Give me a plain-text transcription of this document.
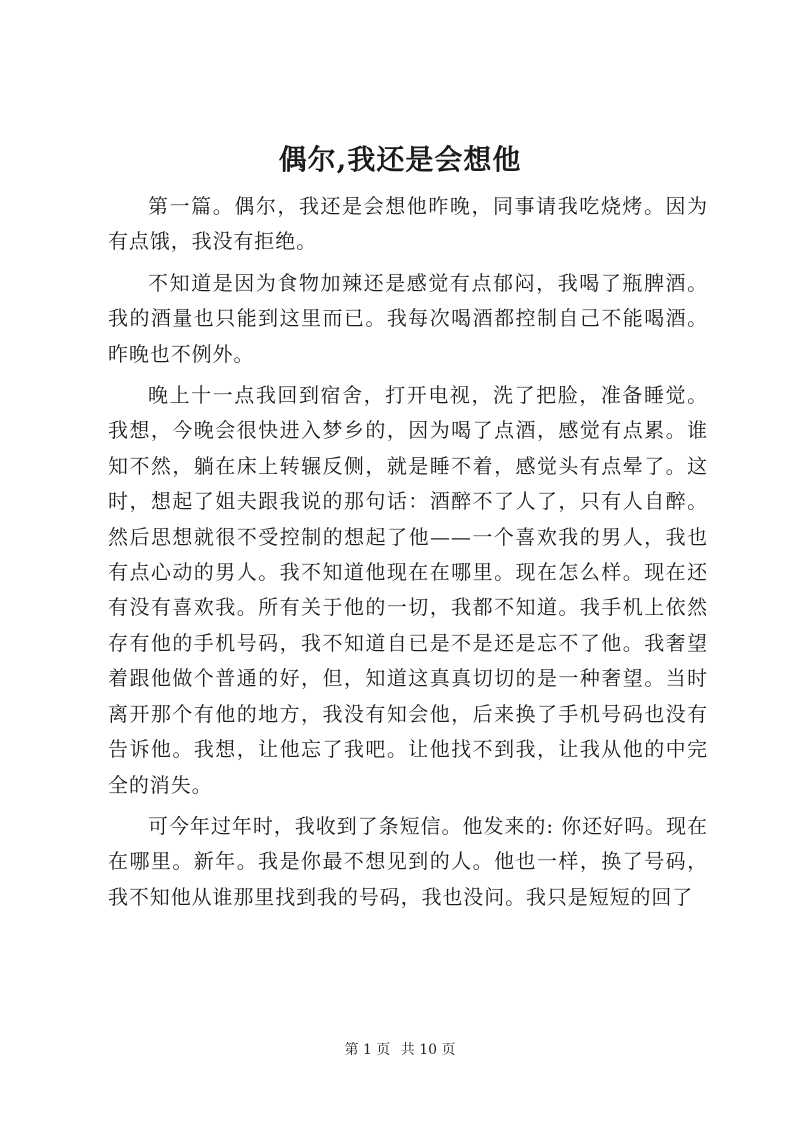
偶尔,我还是会想他

第一篇。偶尔，我还是会想他昨晚，同事请我吃烧烤。因为有点饿，我没有拒绝。

不知道是因为食物加辣还是感觉有点郁闷，我喝了瓶脾酒。我的酒量也只能到这里而已。我每次喝酒都控制自己不能喝酒。昨晚也不例外。

晚上十一点我回到宿舍，打开电视，洗了把脸，准备睡觉。我想，今晚会很快进入梦乡的，因为喝了点酒，感觉有点累。谁知不然，躺在床上转辗反侧，就是睡不着，感觉头有点晕了。这时，想起了姐夫跟我说的那句话：酒醉不了人了，只有人自醉。然后思想就很不受控制的想起了他——一个喜欢我的男人，我也有点心动的男人。我不知道他现在在哪里。现在怎么样。现在还有没有喜欢我。所有关于他的一切，我都不知道。我手机上依然存有他的手机号码，我不知道自已是不是还是忘不了他。我奢望着跟他做个普通的好，但，知道这真真切切的是一种奢望。当时离开那个有他的地方，我没有知会他，后来换了手机号码也没有告诉他。我想，让他忘了我吧。让他找不到我，让我从他的中完全的消失。

可今年过年时，我收到了条短信。他发来的: 你还好吗。现在在哪里。新年。我是你最不想见到的人。他也一样，换了号码，我不知他从谁那里找到我的号码，我也没问。我只是短短的回了

第 1 页 共 10 页
